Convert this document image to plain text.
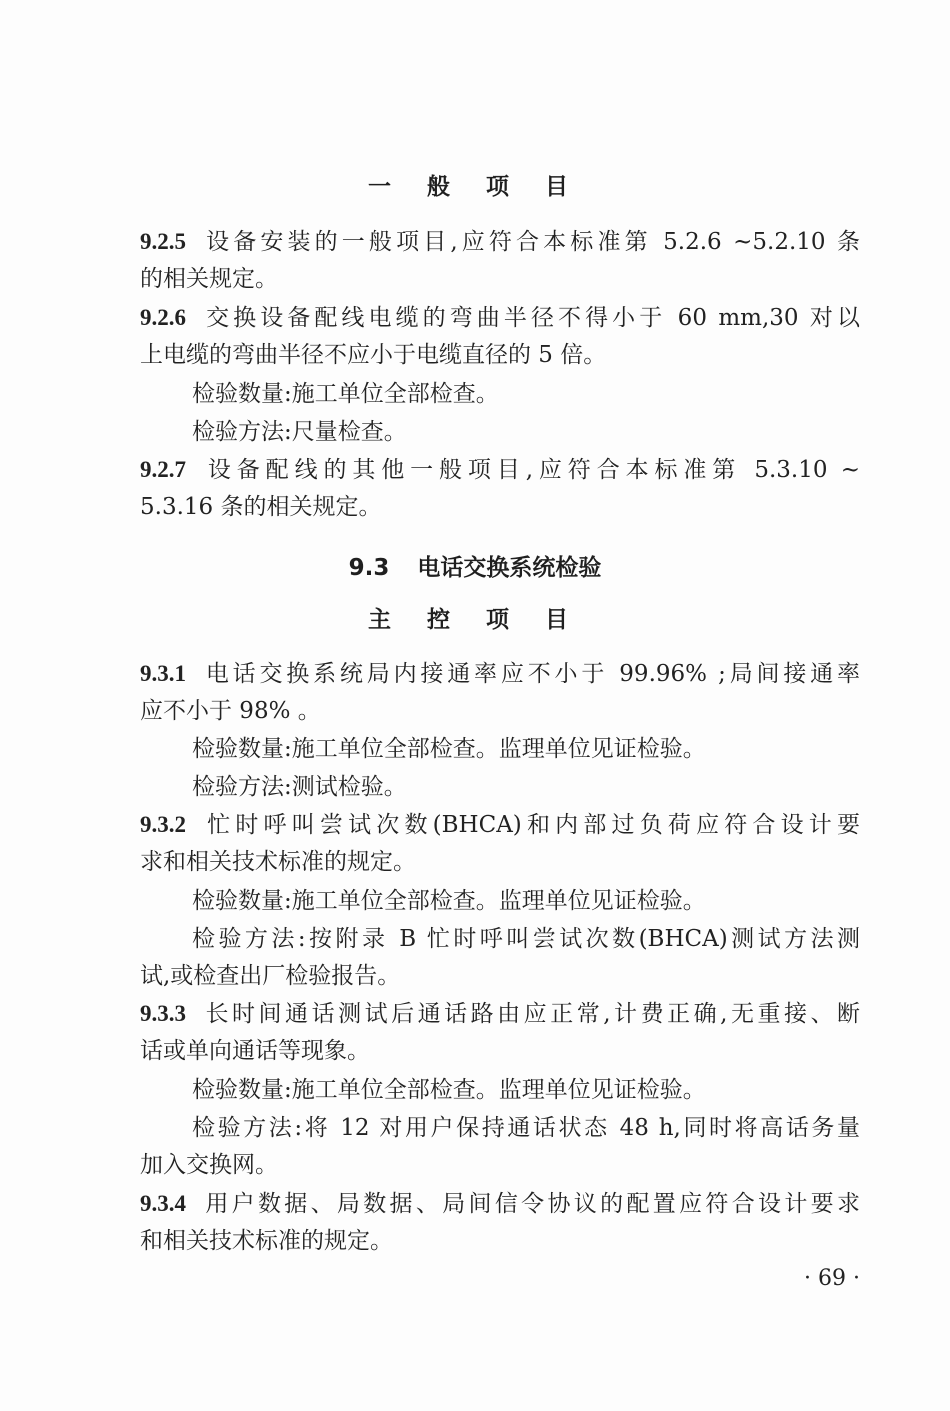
一 般 项 目

9.2.5 设备安装的一般项目,应符合本标准第 5.2.6 ~5.2.10 条

的相关规定。

9.2.6 交换设备配线电缆的弯曲半径不得小于 60 mm,30 对以

上电缆的弯曲半径不应小于电缆直径的 5 倍。

检验数量:施工单位全部检查。

检验方法:尺量检查。

9.2.7 设备配线的其他一般项目,应符合本标准第 5.3.10 ~

5.3.16 条的相关规定。

9.3 电话交换系统检验

主 控 项 目

9.3.1 电话交换系统局内接通率应不小于 99.96% ;局间接通率

应不小于 98% 。

检验数量:施工单位全部检查。监理单位见证检验。

检验方法:测试检验。

9.3.2 忙时呼叫尝试次数(BHCA)和内部过负荷应符合设计要

求和相关技术标准的规定。

检验数量:施工单位全部检查。监理单位见证检验。

检验方法:按附录 B 忙时呼叫尝试次数(BHCA)测试方法测

试,或检查出厂检验报告。

9.3.3 长时间通话测试后通话路由应正常,计费正确,无重接、断

话或单向通话等现象。

检验数量:施工单位全部检查。监理单位见证检验。

检验方法:将 12 对用户保持通话状态 48 h,同时将高话务量

加入交换网。

9.3.4 用户数据、局数据、局间信令协议的配置应符合设计要求

和相关技术标准的规定。

· 69 ·
